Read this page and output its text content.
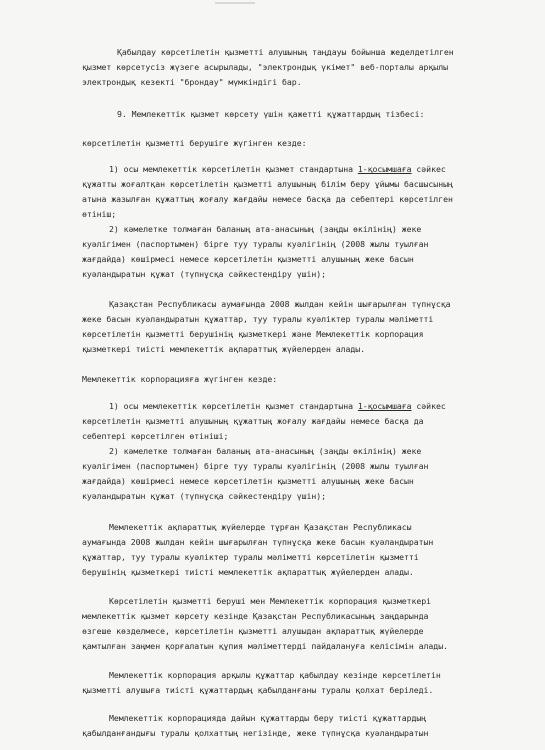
Қабылдау көрсетілетін қызметті алушының таңдауы бойынша жеделдетілген
қызмет көрсетусіз жүзеге асырылады, "электрондық үкімет" веб-порталы арқылы
электрондық кезекті "брондау" мүмкіндігі бар.
9. Мемлекеттік қызмет көрсету үшін қажетті құжаттардың тізбесі:
көрсетілетін қызметті берушіге жүгінген кезде:
1) осы мемлекеттік көрсетілетін қызмет стандартына 1-қосымшаға сәйкес
құжатты жоғалтқан көрсетілетін қызметті алушының білім беру ұйымы басшысының
атына жазылған құжаттың жоғалу жағдайы немесе басқа да себептері көрсетілген
өтініш;
2) кәмелетке толмаған баланың ата-анасының (заңды өкілінің) жеке
куәлігімен (паспортымен) бірге туу туралы куәлігінің (2008 жылы туылған
жағдайда) көшірмесі немесе көрсетілетін қызметті алушының жеке басын
куәландыратын құжат (түпнұсқа сәйкестендіру үшін);
Қазақстан Республикасы аумағында 2008 жылдан кейін шығарылған түпнұсқа
жеке басын куәландыратын құжаттар, туу туралы куәліктер туралы мәліметті
көрсетілетін қызметті берушінің қызметкері және Мемлекеттік корпорация
қызметкері тиісті мемлекеттік ақпараттық жүйелерден алады.
Мемлекеттік корпорацияға жүгінген кезде:
1) осы мемлекеттік көрсетілетін қызмет стандартына 1-қосымшаға сәйкес
көрсетілетін қызметті алушының құжаттың жоғалу жағдайы немесе басқа да
себептері көрсетілген өтініші;
2) кәмелетке толмаған баланың ата-анасының (заңды өкілінің) жеке
куәлігімен (паспортымен) бірге туу туралы куәлігінің (2008 жылы туылған
жағдайда) көшірмесі немесе көрсетілетін қызметті алушының жеке басын
куәландыратын құжат (түпнұсқа сәйкестендіру үшін);
Мемлекеттік ақпараттық жүйелерде тұрған Қазақстан Республикасы
аумағында 2008 жылдан кейін шығарылған түпнұсқа жеке басын куәландыратын
құжаттар, туу туралы куәліктер туралы мәліметті көрсетілетін қызметті
берушінің қызметкері тиісті мемлекеттік ақпараттық жүйелерден алады.
Көрсетілетін қызметті беруші мен Мемлекеттік корпорация қызметкері
мемлекеттік қызмет көрсету кезінде Қазақстан Республикасының заңдарында
өзгеше көзделмесе, көрсетілетін қызметті алушыдан ақпараттық жүйелерде
қамтылған заңмен қорғалатын құпия мәліметтерді пайдалануға келісімін алады.
Мемлекеттік корпорация арқылы құжаттар қабылдау кезінде көрсетілетін
қызметті алушыға тиісті құжаттардың қабылданғаны туралы қолхат беріледі.
Мемлекеттік корпорацияда дайын құжаттарды беру тиісті құжаттардың
қабылданғандығы туралы қолхаттың негізінде, жеке түпнұсқа куәландыратын
